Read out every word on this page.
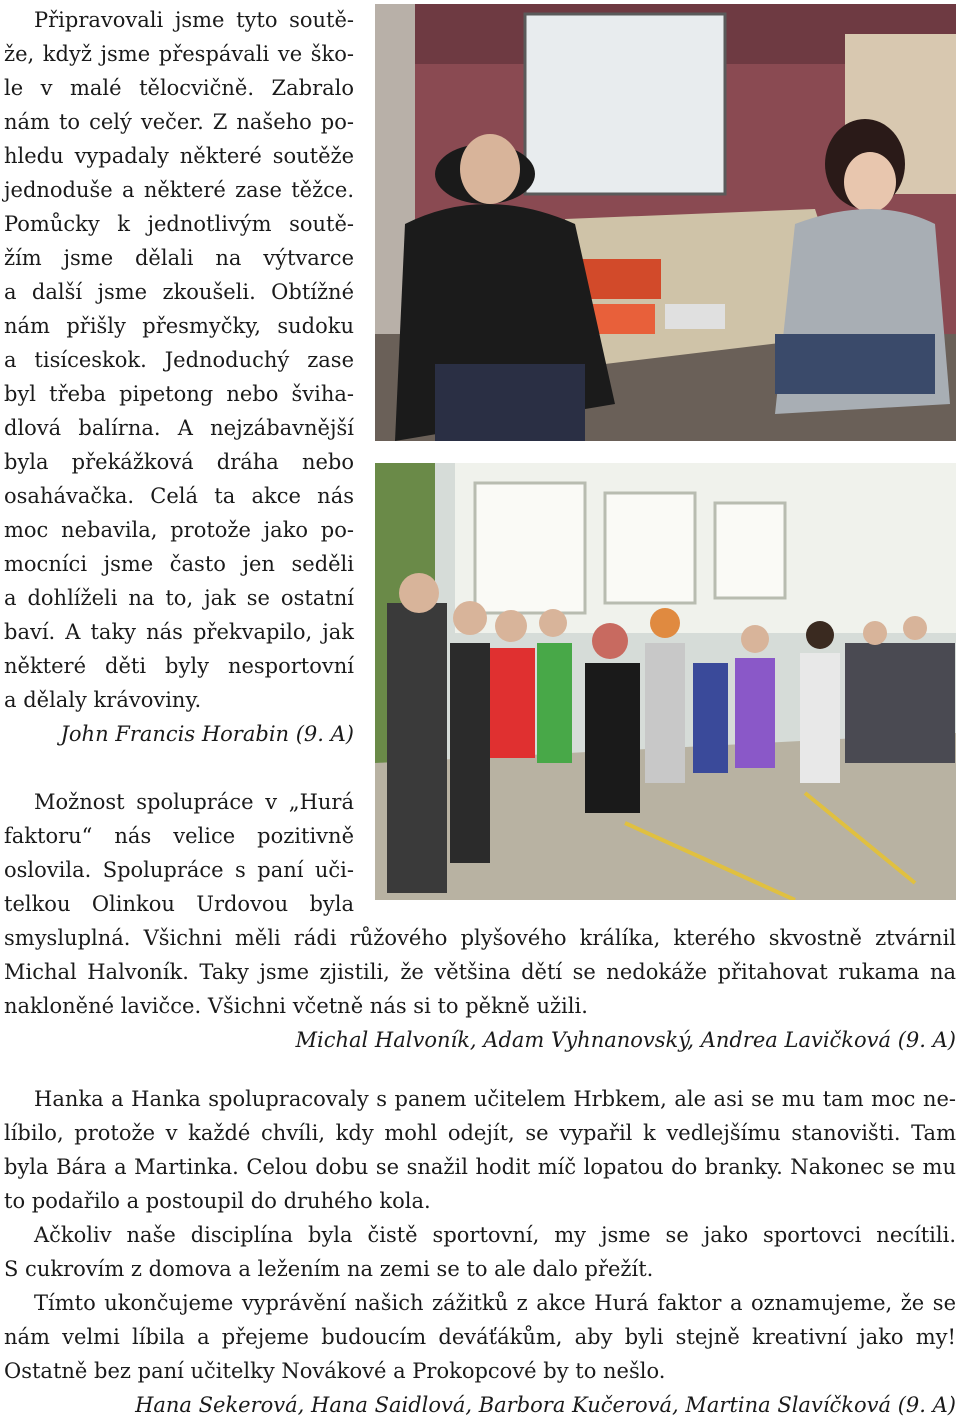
Připravovali jsme tyto soutě-
že, když jsme přespávali ve ško-
le v malé tělocvičně. Zabralo
nám to celý večer. Z našeho po-
hledu vypadaly některé soutěže
jednoduše a některé zase těžce.
Pomůcky k jednotlivým soutě-
žím jsme dělali na výtvarce
a další jsme zkoušeli. Obtížné
nám přišly přesmyčky, sudoku
a tisíceskok. Jednoduchý zase
byl třeba pipetong nebo šviha-
dlová balírna. A nejzábavnější
byla překážková dráha nebo
osahávačka. Celá ta akce nás
moc nebavila, protože jako po-
mocníci jsme často jen seděli
a dohlíželi na to, jak se ostatní
baví. A taky nás překvapilo, jak
některé děti byly nesportovní
a dělaly krávoviny.
John Francis Horabin (9. A)
Možnost spolupráce v „Hurá
faktoru“ nás velice pozitivně
oslovila. Spolupráce s paní uči-
telkou Olinkou Urdovou byla
smysluplná. Všichni měli rádi růžového plyšového králíka, kterého skvostně ztvárnil
Michal Halvoník. Taky jsme zjistili, že většina dětí se nedokáže přitahovat rukama na
nakloněné lavičce. Všichni včetně nás si to pěkně užili.
Michal Halvoník, Adam Vyhnanovský, Andrea Lavičková (9. A)
Hanka a Hanka spolupracovaly s panem učitelem Hrbkem, ale asi se mu tam moc ne-
líbilo, protože v každé chvíli, kdy mohl odejít, se vypařil k vedlejšímu stanovišti. Tam
byla Bára a Martinka. Celou dobu se snažil hodit míč lopatou do branky. Nakonec se mu
to podařilo a postoupil do druhého kola.
Ačkoliv naše disciplína byla čistě sportovní, my jsme se jako sportovci necítili.
S cukrovím z domova a ležením na zemi se to ale dalo přežít.
Tímto ukončujeme vyprávění našich zážitků z akce Hurá faktor a oznamujeme, že se
nám velmi líbila a přejeme budoucím deváťákům, aby byli stejně kreativní jako my!
Ostatně bez paní učitelky Novákové a Prokopcové by to nešlo.
Hana Sekerová, Hana Saidlová, Barbora Kučerová, Martina Slavíčková (9. A)
